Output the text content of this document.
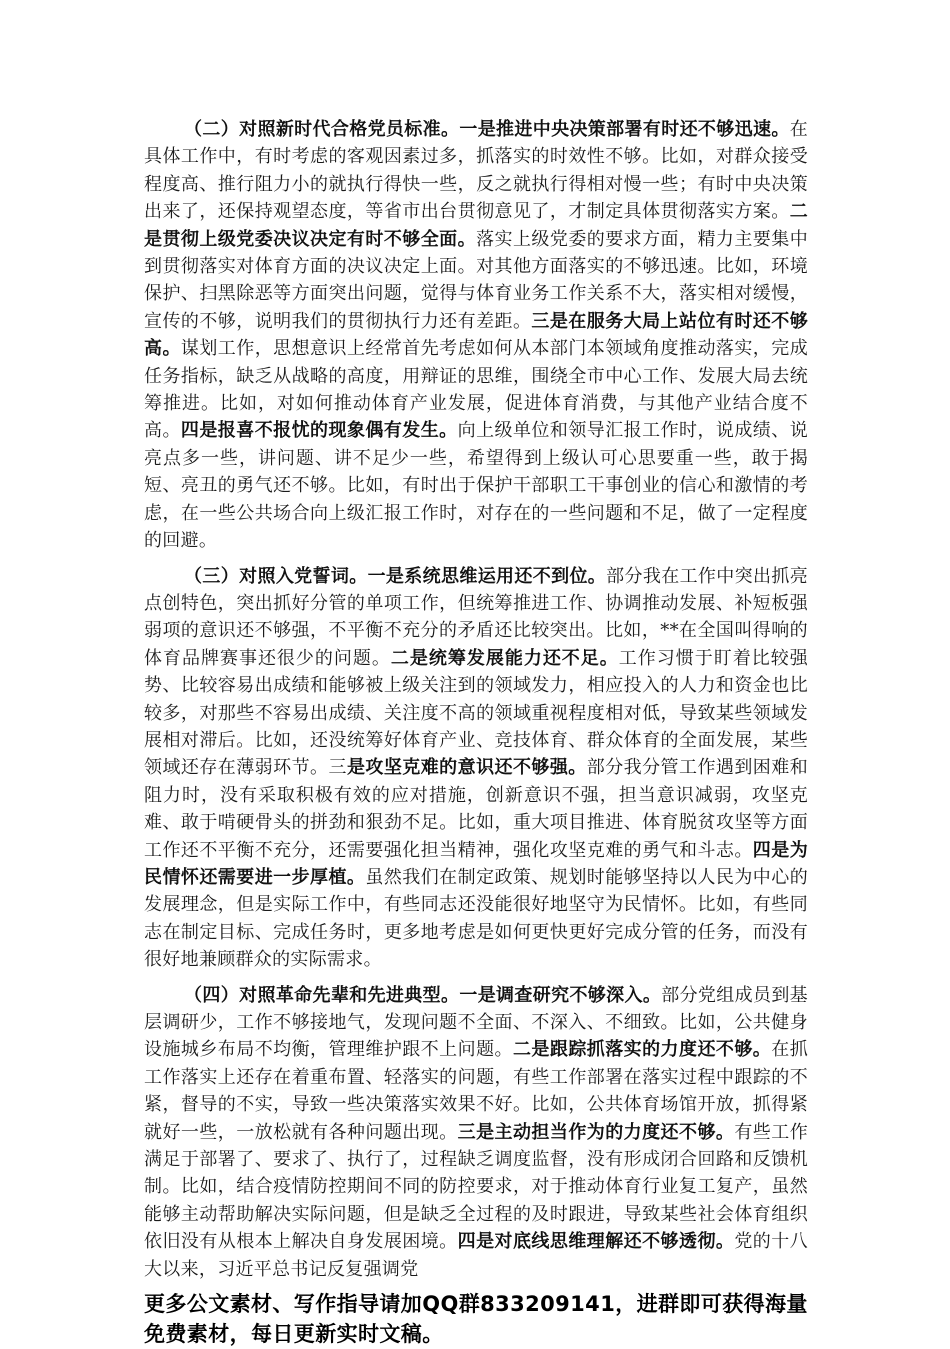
（二）对照新时代合格党员标准。一是推进中央决策部署有时还不够迅速。在具体工作中，有时考虑的客观因素过多，抓落实的时效性不够。比如，对群众接受程度高、推行阻力小的就执行得快一些，反之就执行得相对慢一些；有时中央决策出来了，还保持观望态度，等省市出台贯彻意见了，才制定具体贯彻落实方案。二是贯彻上级党委决议决定有时不够全面。落实上级党委的要求方面，精力主要集中到贯彻落实对体育方面的决议决定上面。对其他方面落实的不够迅速。比如，环境保护、扫黑除恶等方面突出问题，觉得与体育业务工作关系不大，落实相对缓慢，宣传的不够，说明我们的贯彻执行力还有差距。三是在服务大局上站位有时还不够高。谋划工作，思想意识上经常首先考虑如何从本部门本领域角度推动落实，完成任务指标，缺乏从战略的高度，用辩证的思维，围绕全市中心工作、发展大局去统筹推进。比如，对如何推动体育产业发展，促进体育消费，与其他产业结合度不高。四是报喜不报忧的现象偶有发生。向上级单位和领导汇报工作时，说成绩、说亮点多一些，讲问题、讲不足少一些，希望得到上级认可心思要重一些，敢于揭短、亮丑的勇气还不够。比如，有时出于保护干部职工干事创业的信心和激情的考虑，在一些公共场合向上级汇报工作时，对存在的一些问题和不足，做了一定程度的回避。

（三）对照入党誓词。一是系统思维运用还不到位。部分我在工作中突出抓亮点创特色，突出抓好分管的单项工作，但统筹推进工作、协调推动发展、补短板强弱项的意识还不够强，不平衡不充分的矛盾还比较突出。比如，**在全国叫得响的体育品牌赛事还很少的问题。二是统筹发展能力还不足。工作习惯于盯着比较强势、比较容易出成绩和能够被上级关注到的领域发力，相应投入的人力和资金也比较多，对那些不容易出成绩、关注度不高的领域重视程度相对低，导致某些领域发展相对滞后。比如，还没统筹好体育产业、竞技体育、群众体育的全面发展，某些领域还存在薄弱环节。三是攻坚克难的意识还不够强。部分我分管工作遇到困难和阻力时，没有采取积极有效的应对措施，创新意识不强，担当意识减弱，攻坚克难、敢于啃硬骨头的拼劲和狠劲不足。比如，重大项目推进、体育脱贫攻坚等方面工作还不平衡不充分，还需要强化担当精神，强化攻坚克难的勇气和斗志。四是为民情怀还需要进一步厚植。虽然我们在制定政策、规划时能够坚持以人民为中心的发展理念，但是实际工作中，有些同志还没能很好地坚守为民情怀。比如，有些同志在制定目标、完成任务时，更多地考虑是如何更快更好完成分管的任务，而没有很好地兼顾群众的实际需求。

（四）对照革命先辈和先进典型。一是调查研究不够深入。部分党组成员到基层调研少，工作不够接地气，发现问题不全面、不深入、不细致。比如，公共健身设施城乡布局不均衡，管理维护跟不上问题。二是跟踪抓落实的力度还不够。在抓工作落实上还存在着重布置、轻落实的问题，有些工作部署在落实过程中跟踪的不紧，督导的不实，导致一些决策落实效果不好。比如，公共体育场馆开放，抓得紧就好一些，一放松就有各种问题出现。三是主动担当作为的力度还不够。有些工作满足于部署了、要求了、执行了，过程缺乏调度监督，没有形成闭合回路和反馈机制。比如，结合疫情防控期间不同的防控要求，对于推动体育行业复工复产，虽然能够主动帮助解决实际问题，但是缺乏全过程的及时跟进，导致某些社会体育组织依旧没有从根本上解决自身发展困境。四是对底线思维理解还不够透彻。党的十八大以来，习近平总书记反复强调党

更多公文素材、写作指导请加QQ群833209141，进群即可获得海量免费素材，每日更新实时文稿。
